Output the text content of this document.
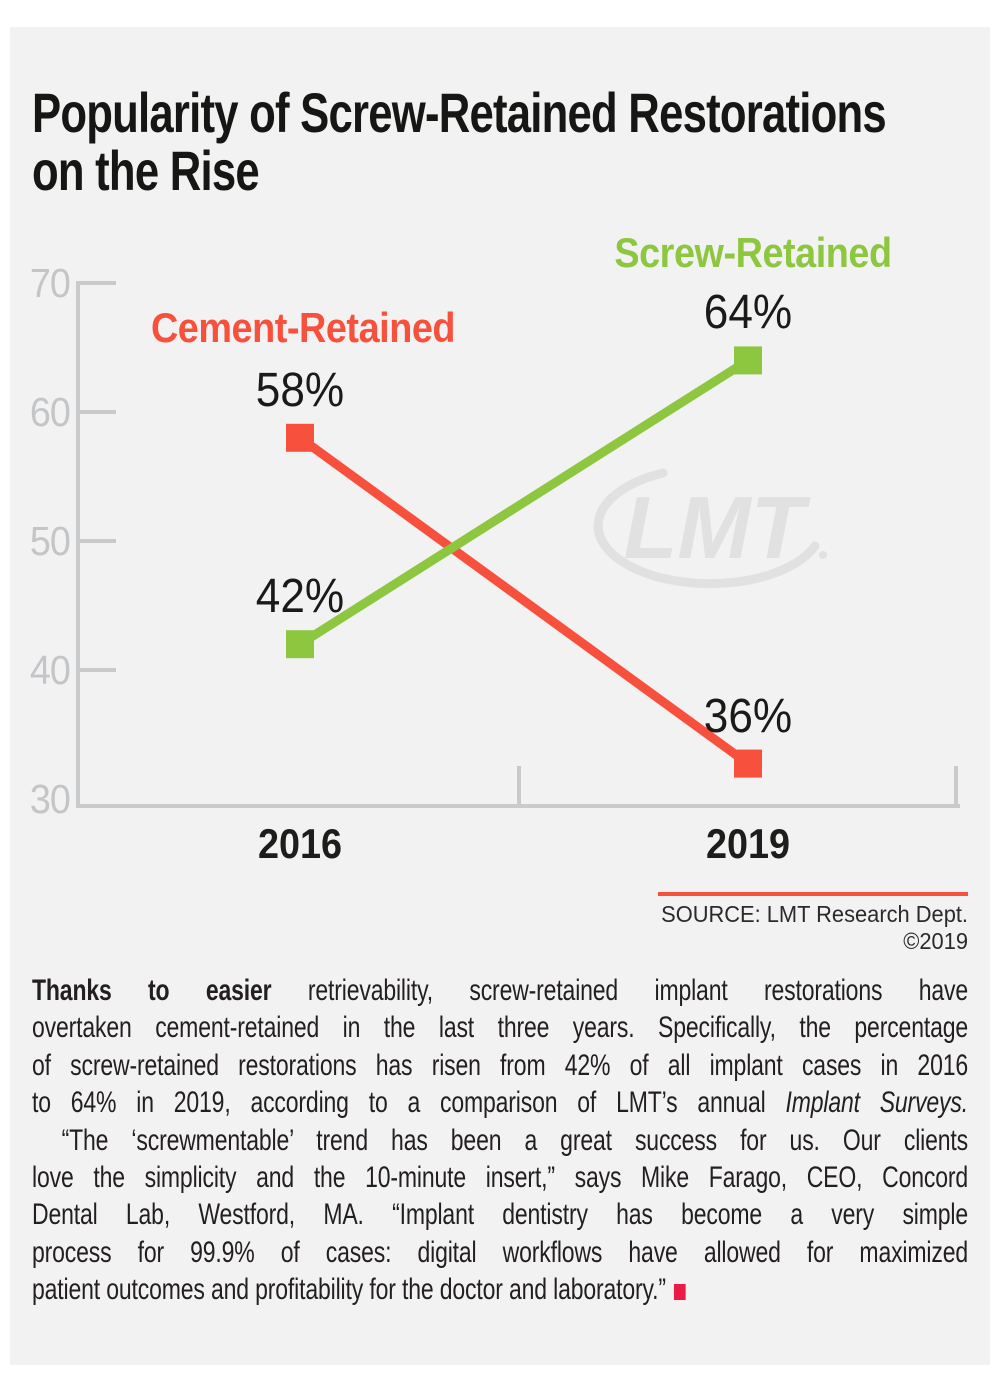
Popularity of Screw-Retained Restorations
on the Rise
LMT
70
60
50
40
30
2016	2019
Cement-Retained
58%
36%
Screw-Retained
42%
64%
SOURCE: LMT Research Dept. ©2019
Thanks to easier retrievability, screw-retained implant restorations have
overtaken cement-retained in the last three years. Specifically, the percentage
of screw-retained restorations has risen from 42% of all implant cases in 2016
to 64% in 2019, according to a comparison of LMT’s annual Implant Surveys.
“The ‘screwmentable’ trend has been a great success for us. Our clients
love the simplicity and the 10-minute insert,” says Mike Farago, CEO, Concord
Dental Lab, Westford, MA. “Implant dentistry has become a very simple
process for 99.9% of cases: digital workflows have allowed for maximized
patient outcomes and profitability for the doctor and laboratory.”
